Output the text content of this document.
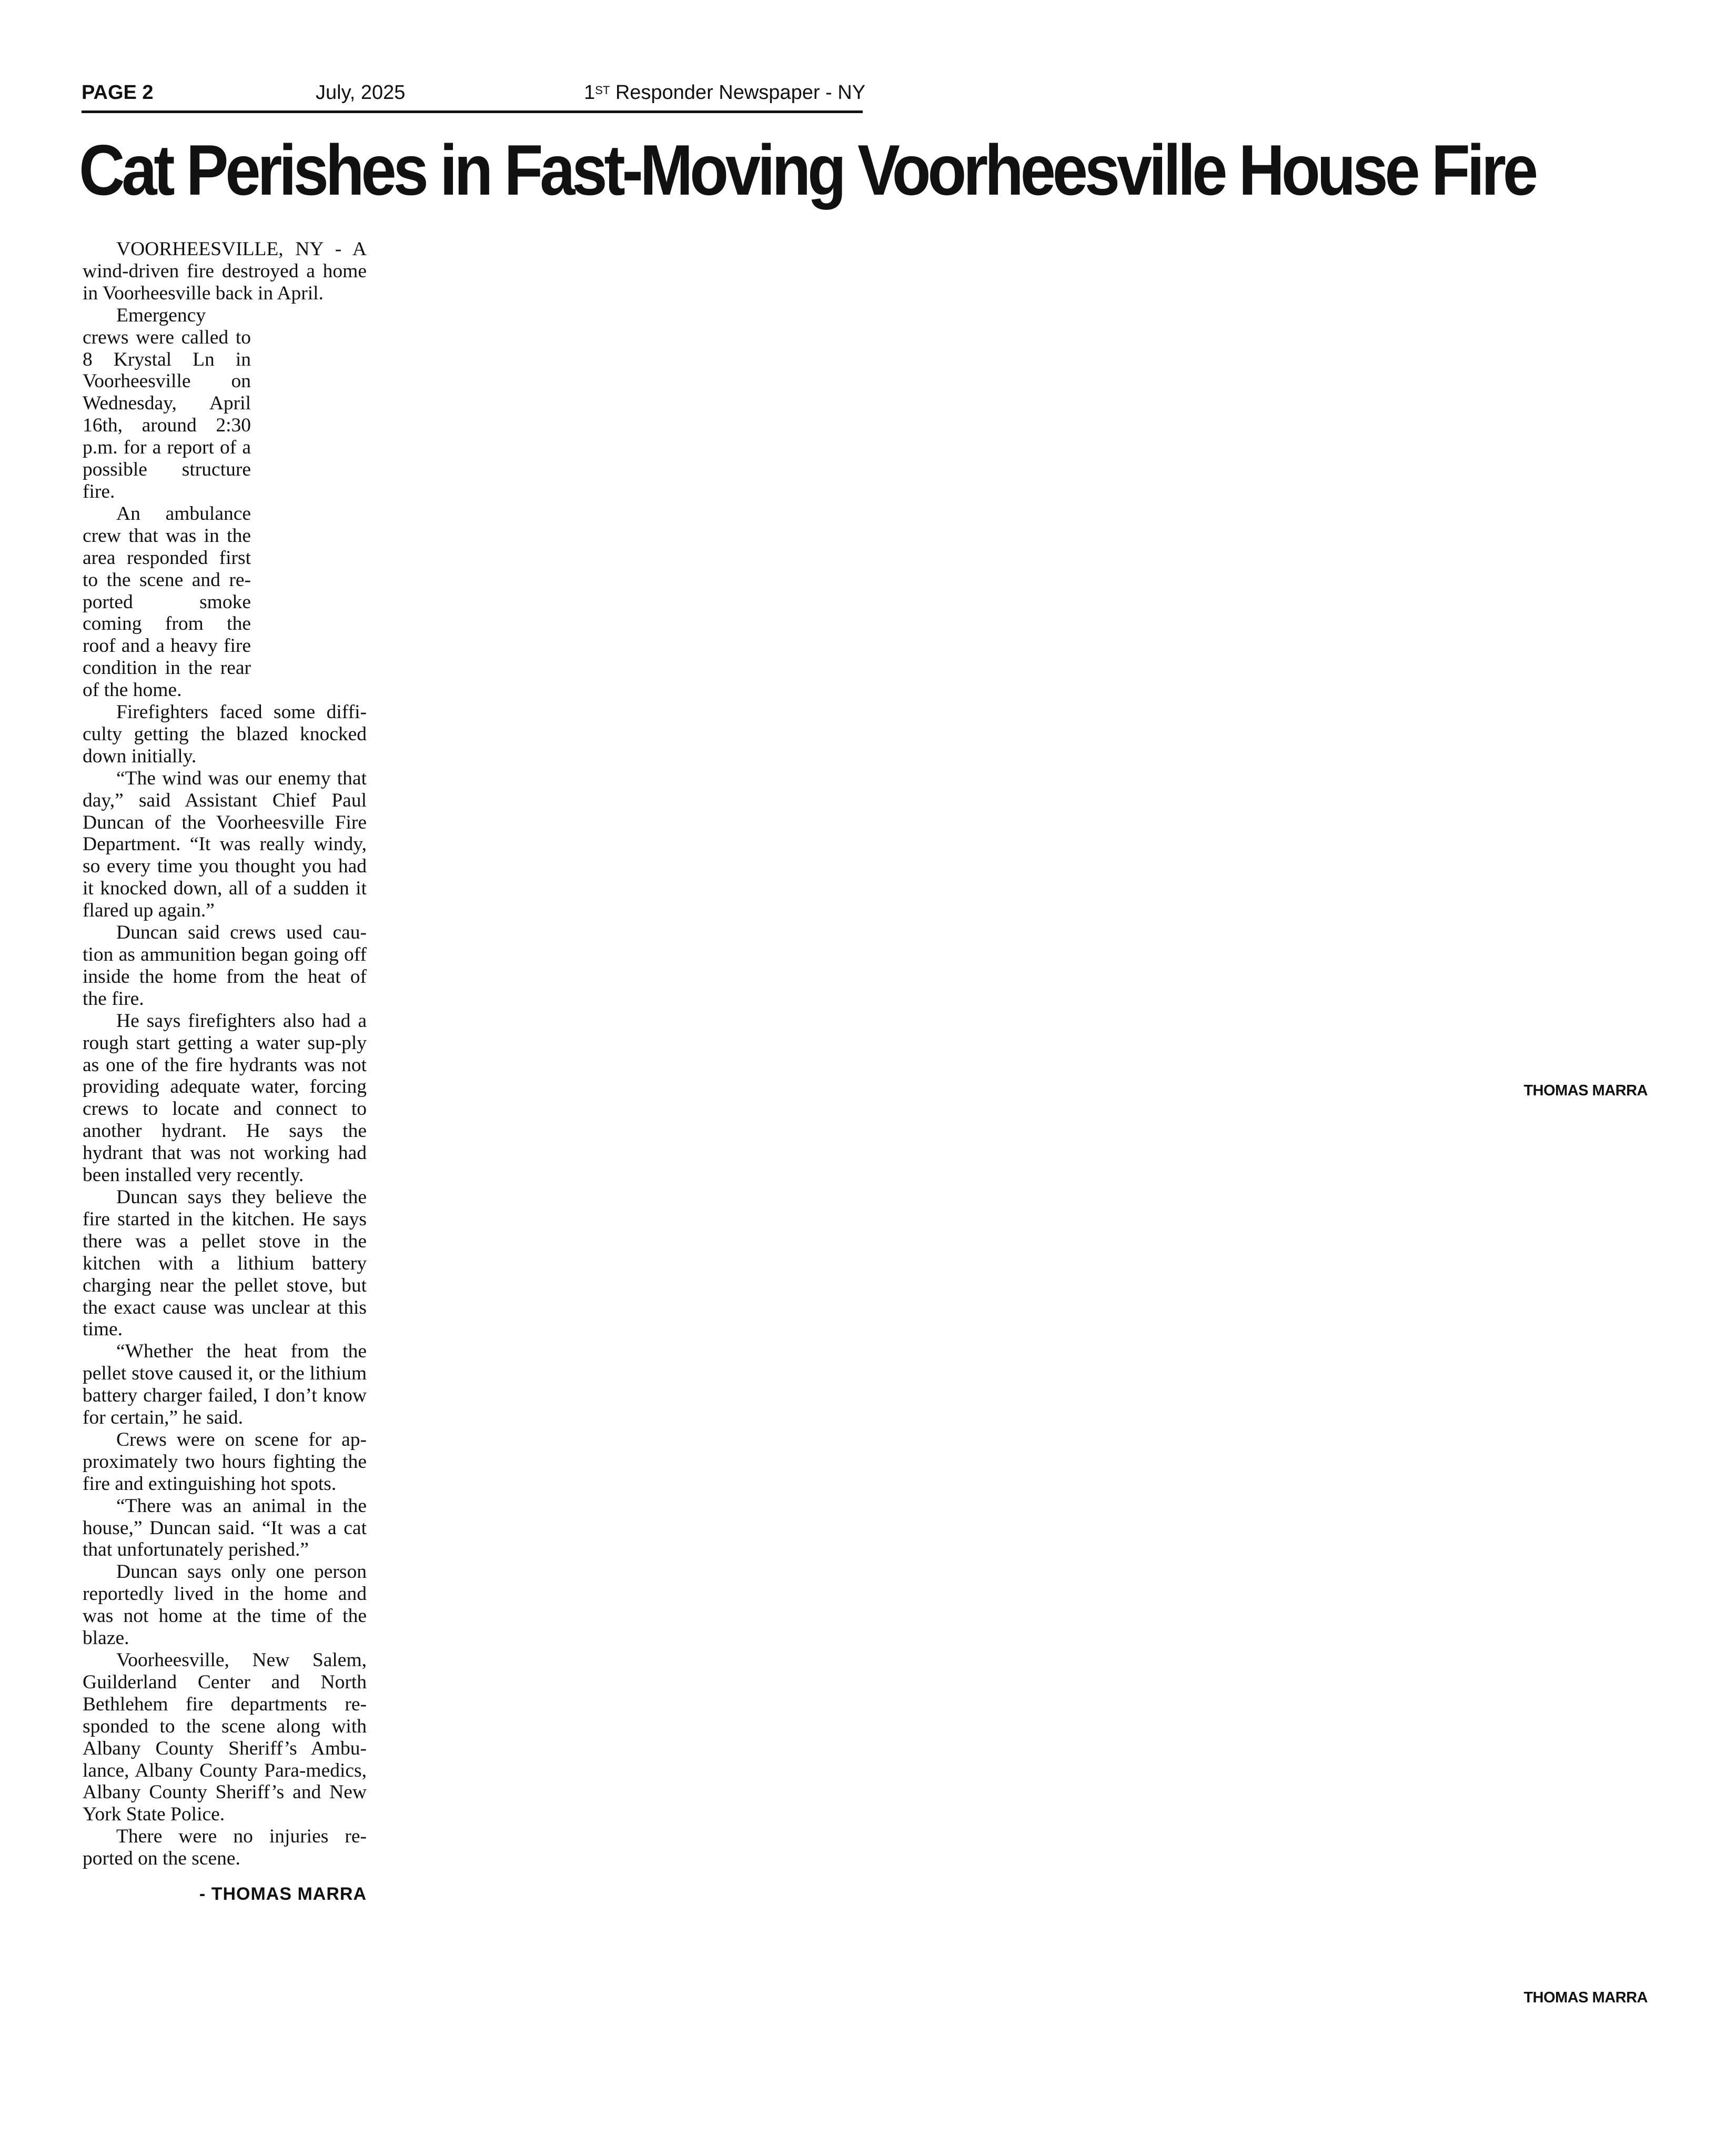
PAGE 2	July, 2025	1ST Responder Newspaper - NY
Cat Perishes in Fast-Moving Voorheesville House Fire

VOORHEESVILLE, NY - A wind-driven fire destroyed a home in Voorheesville back in April.

Emergency crews were called to 8 Krystal Ln in Voorheesville on Wednesday, April 16th, around 2:30 p.m. for a report of a possible structure fire.

An ambulance crew that was in the area responded first to the scene and re-ported smoke coming from the roof and a heavy fire condition in the rear of the home.

Firefighters faced some diffi-culty getting the blazed knocked down initially.

“The wind was our enemy that day,” said Assistant Chief Paul Duncan of the Voorheesville Fire Department. “It was really windy, so every time you thought you had it knocked down, all of a sudden it flared up again.”

Duncan said crews used cau-tion as ammunition began going off inside the home from the heat of the fire.

He says firefighters also had a rough start getting a water sup-ply as one of the fire hydrants was not providing adequate water, forcing crews to locate and connect to another hydrant. He says the hydrant that was not working had been installed very recently.

Duncan says they believe the fire started in the kitchen. He says there was a pellet stove in the kitchen with a lithium battery charging near the pellet stove, but the exact cause was unclear at this time.

“Whether the heat from the pellet stove caused it, or the lithium battery charger failed, I don’t know for certain,” he said.

Crews were on scene for ap-proximately two hours fighting the fire and extinguishing hot spots.

“There was an animal in the house,” Duncan said. “It was a cat that unfortunately perished.”

Duncan says only one person reportedly lived in the home and was not home at the time of the blaze.

Voorheesville, New Salem, Guilderland Center and North Bethlehem fire departments re-sponded to the scene along with Albany County Sheriff’s Ambu-lance, Albany County Para-medics, Albany County Sheriff’s and New York State Police.

There were no injuries re-ported on the scene.

- THOMAS MARRA
THOMAS MARRA
THOMAS MARRA
